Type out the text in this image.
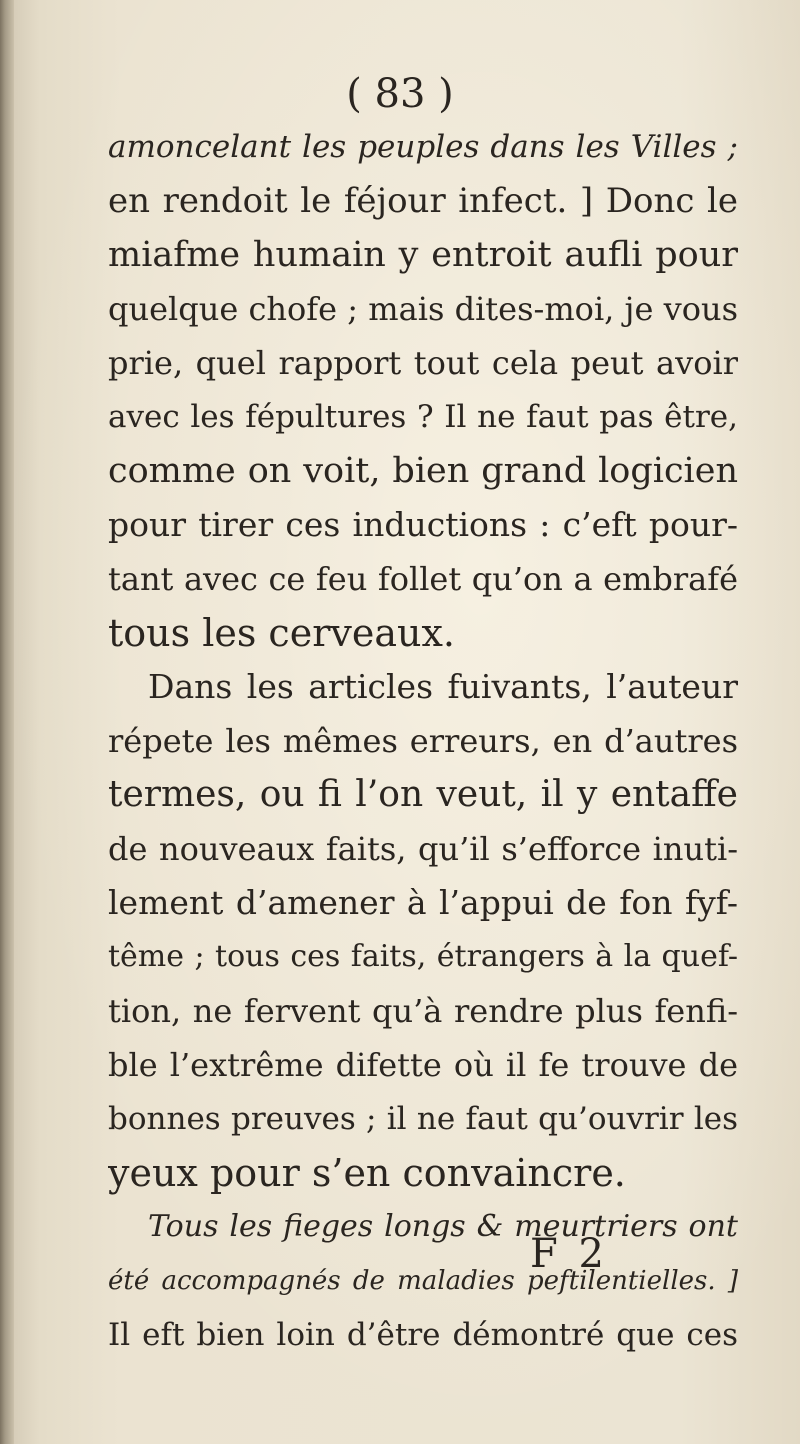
( 83 )
amoncelant les peuples dans les Villes ;
en rendoit le féjour infect. ] Donc le
miafme humain y entroit aufli pour
quelque chofe ; mais dites-moi, je vous
prie, quel rapport tout cela peut avoir
avec les fépultures ? Il ne faut pas être,
comme on voit, bien grand logicien
pour tirer ces inductions : c’eft pour-
tant avec ce feu follet qu’on a embrafé
tous les cerveaux.
Dans les articles fuivants, l’auteur
répete les mêmes erreurs, en d’autres
termes, ou fi l’on veut, il y entaffe
de nouveaux faits, qu’il s’efforce inuti-
lement d’amener à l’appui de fon fyf-
tême ; tous ces faits, étrangers à la quef-
tion, ne fervent qu’à rendre plus fenfi-
ble l’extrême difette où il fe trouve de
bonnes preuves ; il ne faut qu’ouvrir les
yeux pour s’en convaincre.
Tous les fieges longs & meurtriers ont
été accompagnés de maladies peftilentielles. ]
Il eft bien loin d’être démontré que ces
F 2
